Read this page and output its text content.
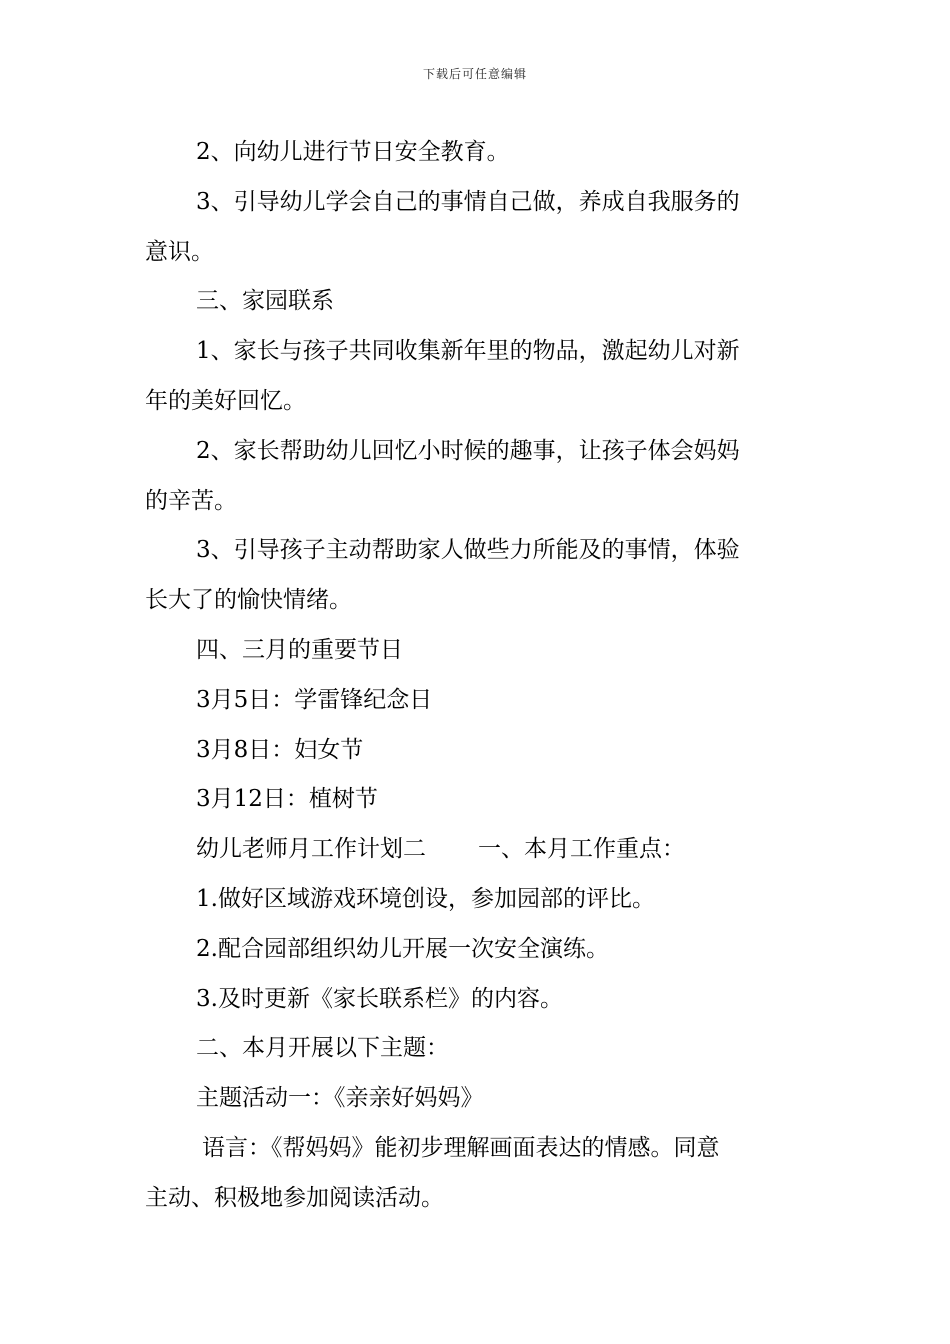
下载后可任意编辑

2、向幼儿进行节日安全教育。

3、引导幼儿学会自己的事情自己做，养成自我服务的

意识。

三、家园联系

1、家长与孩子共同收集新年里的物品，激起幼儿对新

年的美好回忆。

2、家长帮助幼儿回忆小时候的趣事，让孩子体会妈妈

的辛苦。

3、引导孩子主动帮助家人做些力所能及的事情，体验

长大了的愉快情绪。

四、三月的重要节日

3月5日：学雷锋纪念日

3月8日：妇女节

3月12日：植树节

幼儿老师月工作计划二 一、本月工作重点：

1.做好区域游戏环境创设，参加园部的评比。

2.配合园部组织幼儿开展一次安全演练。

3.及时更新《家长联系栏》的内容。

二、本月开展以下主题：

主题活动一：《亲亲好妈妈》

语言：《帮妈妈》能初步理解画面表达的情感。同意

主动、积极地参加阅读活动。
